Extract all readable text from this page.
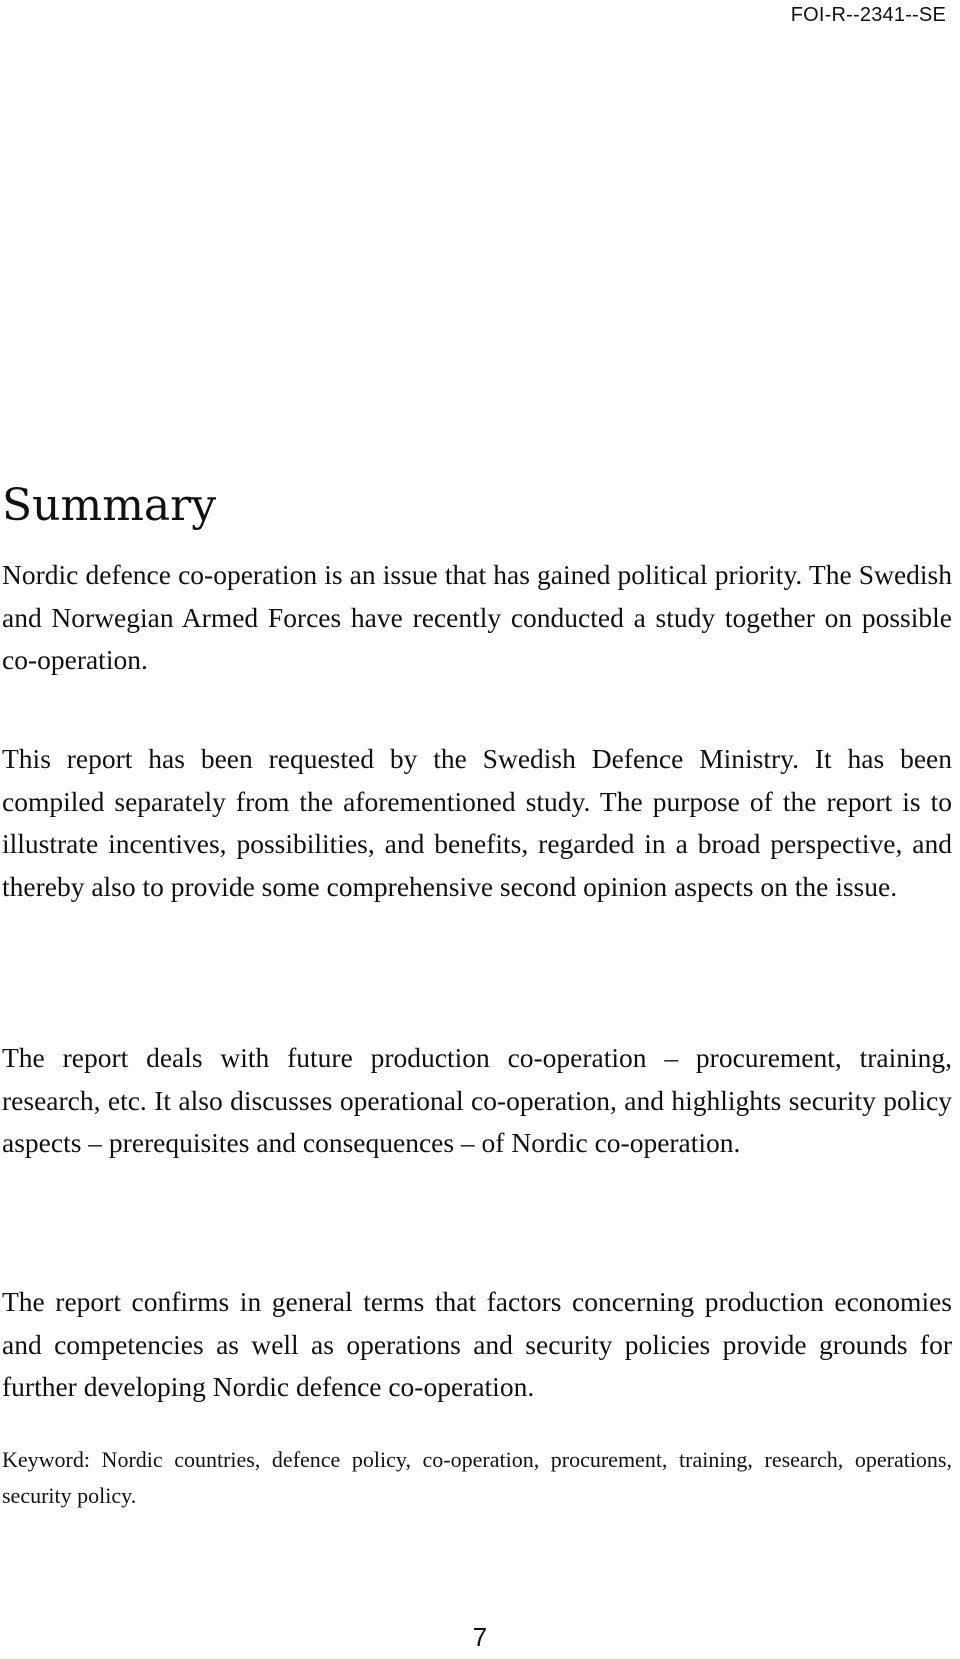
FOI-R--2341--SE
Summary

Nordic defence co-operation is an issue that has gained political priority. The Swedish and Norwegian Armed Forces have recently conducted a study together on possible co-operation.

This report has been requested by the Swedish Defence Ministry. It has been compiled separately from the aforementioned study. The purpose of the report is to illustrate incentives, possibilities, and benefits, regarded in a broad perspective, and thereby also to provide some comprehensive second opinion aspects on the issue.

The report deals with future production co-operation – procurement, training, research, etc. It also discusses operational co-operation, and highlights security policy aspects – prerequisites and consequences – of Nordic co-operation.

The report confirms in general terms that factors concerning production economies and competencies as well as operations and security policies provide grounds for further developing Nordic defence co-operation.

Keyword: Nordic countries, defence policy, co-operation, procurement, training, research, operations, security policy.

7
